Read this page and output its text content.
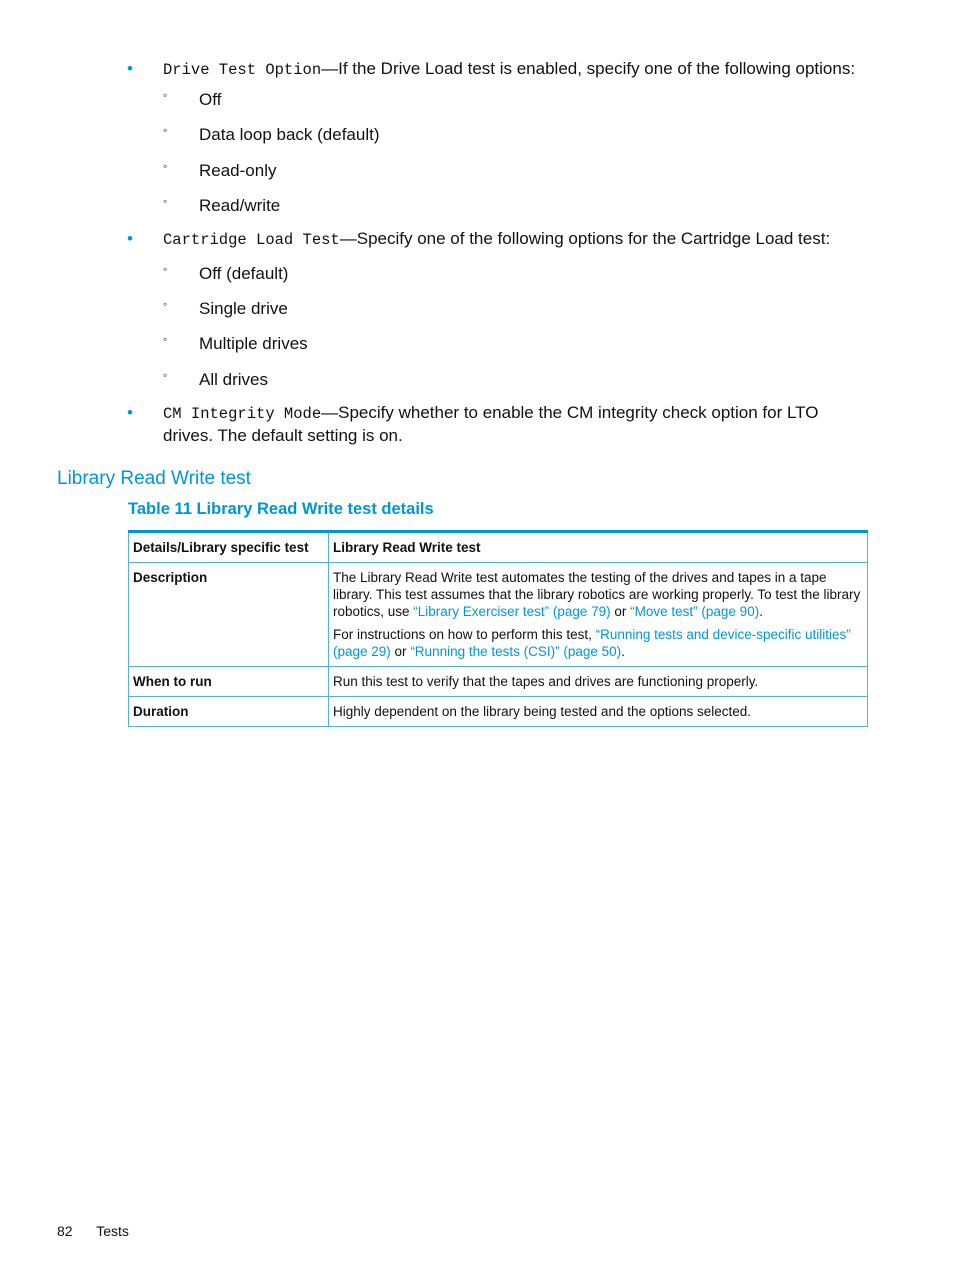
• Drive Test Option—If the Drive Load test is enabled, specify one of the following options:
◦ Off
◦ Data loop back (default)
◦ Read-only
◦ Read/write
• Cartridge Load Test—Specify one of the following options for the Cartridge Load test:
◦ Off (default)
◦ Single drive
◦ Multiple drives
◦ All drives
• CM Integrity Mode—Specify whether to enable the CM integrity check option for LTO drives. The default setting is on.
Library Read Write test
Table 11 Library Read Write test details
Details/Library specific test	Library Read Write test
Description	The Library Read Write test automates the testing of the drives and tapes in a tape library. This test assumes that the library robotics are working properly. To test the library robotics, use “Library Exerciser test” (page 79) or “Move test” (page 90).
For instructions on how to perform this test, “Running tests and device-specific utilities” (page 29) or “Running the tests (CSI)” (page 50).

When to run	Run this test to verify that the tapes and drives are functioning properly.
Duration	Highly dependent on the library being tested and the options selected.
82 Tests
